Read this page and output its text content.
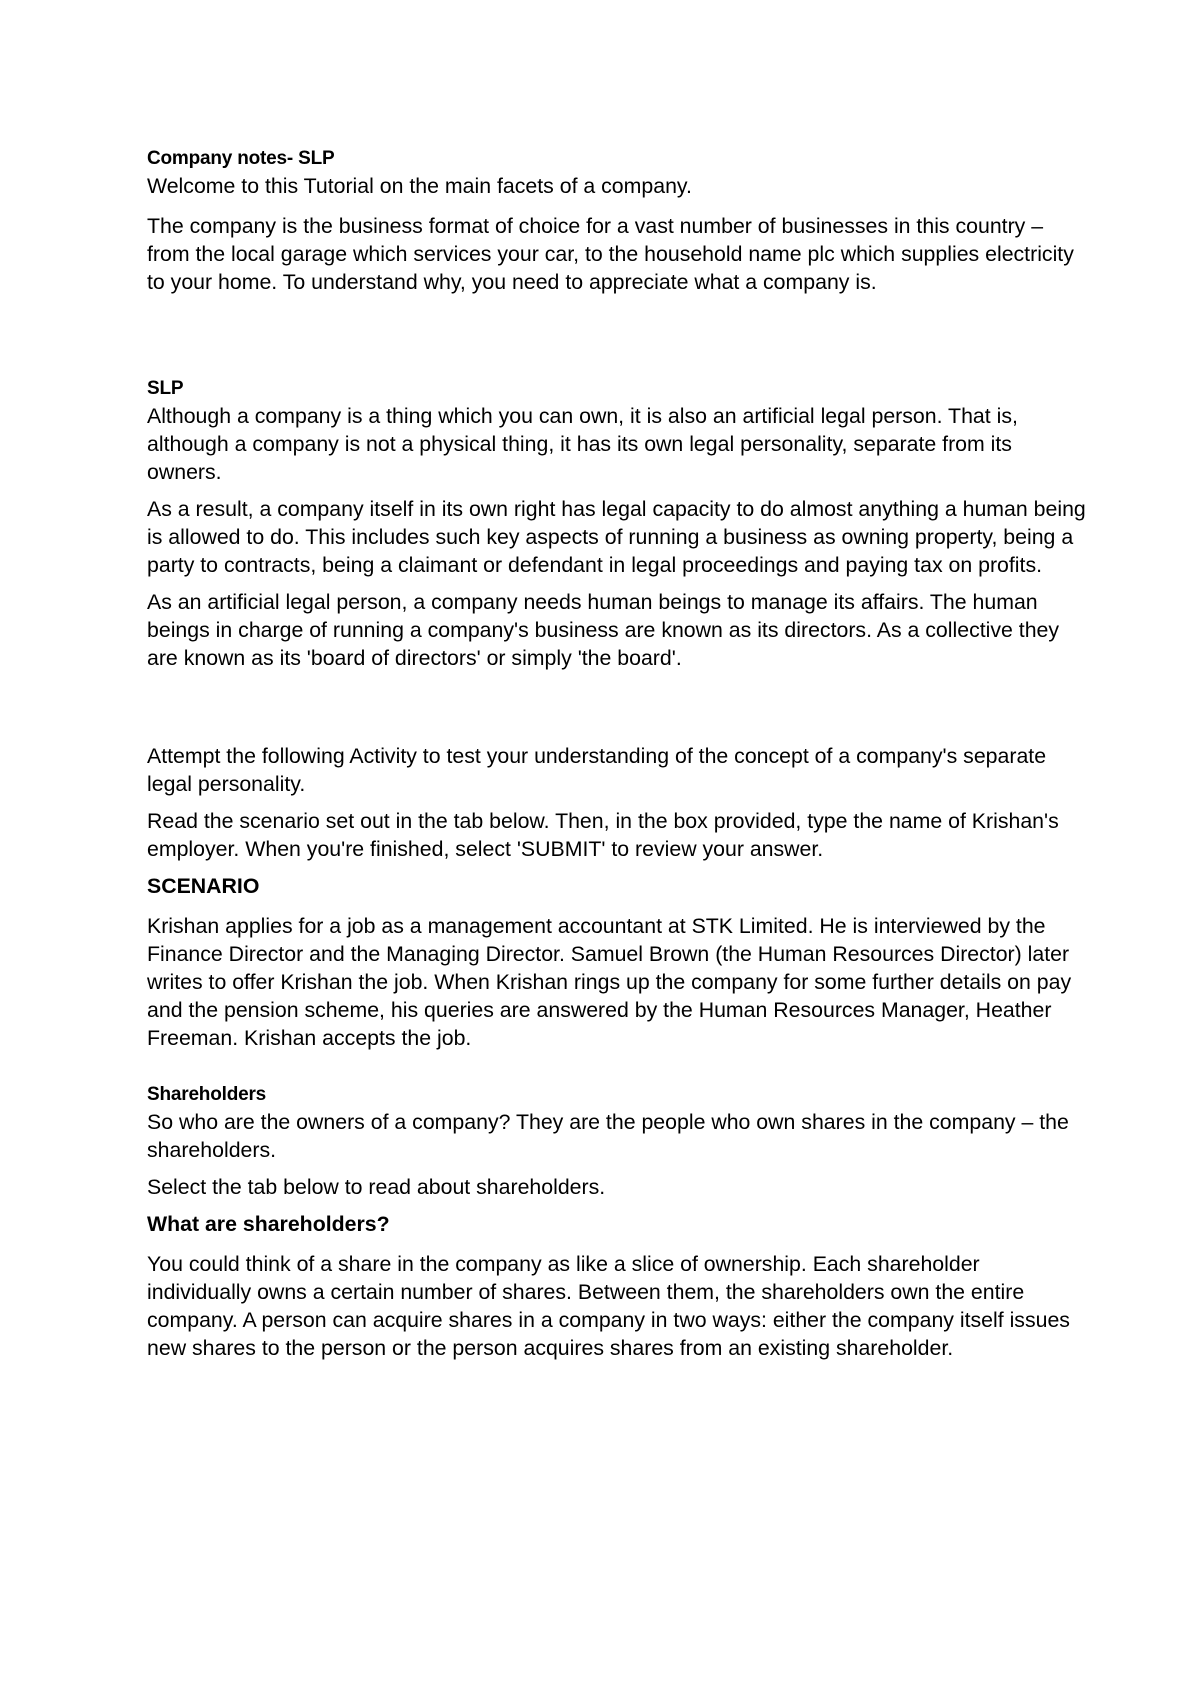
Company notes- SLP

Welcome to this Tutorial on the main facets of a company.

The company is the business format of choice for a vast number of businesses in this country – from the local garage which services your car, to the household name plc which supplies electricity to your home. To understand why, you need to appreciate what a company is.

SLP

Although a company is a thing which you can own, it is also an artificial legal person. That is, although a company is not a physical thing, it has its own legal personality, separate from its owners.

As a result, a company itself in its own right has legal capacity to do almost anything a human being is allowed to do. This includes such key aspects of running a business as owning property, being a party to contracts, being a claimant or defendant in legal proceedings and paying tax on profits.

As an artificial legal person, a company needs human beings to manage its affairs. The human beings in charge of running a company's business are known as its directors. As a collective they are known as its 'board of directors' or simply 'the board'.

Attempt the following Activity to test your understanding of the concept of a company's separate legal personality.

Read the scenario set out in the tab below. Then, in the box provided, type the name of Krishan's employer. When you're finished, select 'SUBMIT' to review your answer.

SCENARIO

Krishan applies for a job as a management accountant at STK Limited. He is interviewed by the Finance Director and the Managing Director. Samuel Brown (the Human Resources Director) later writes to offer Krishan the job. When Krishan rings up the company for some further details on pay and the pension scheme, his queries are answered by the Human Resources Manager, Heather Freeman. Krishan accepts the job.

Shareholders

So who are the owners of a company? They are the people who own shares in the company – the shareholders.

Select the tab below to read about shareholders.

What are shareholders?

You could think of a share in the company as like a slice of ownership. Each shareholder individually owns a certain number of shares. Between them, the shareholders own the entire company. A person can acquire shares in a company in two ways: either the company itself issues new shares to the person or the person acquires shares from an existing shareholder.
